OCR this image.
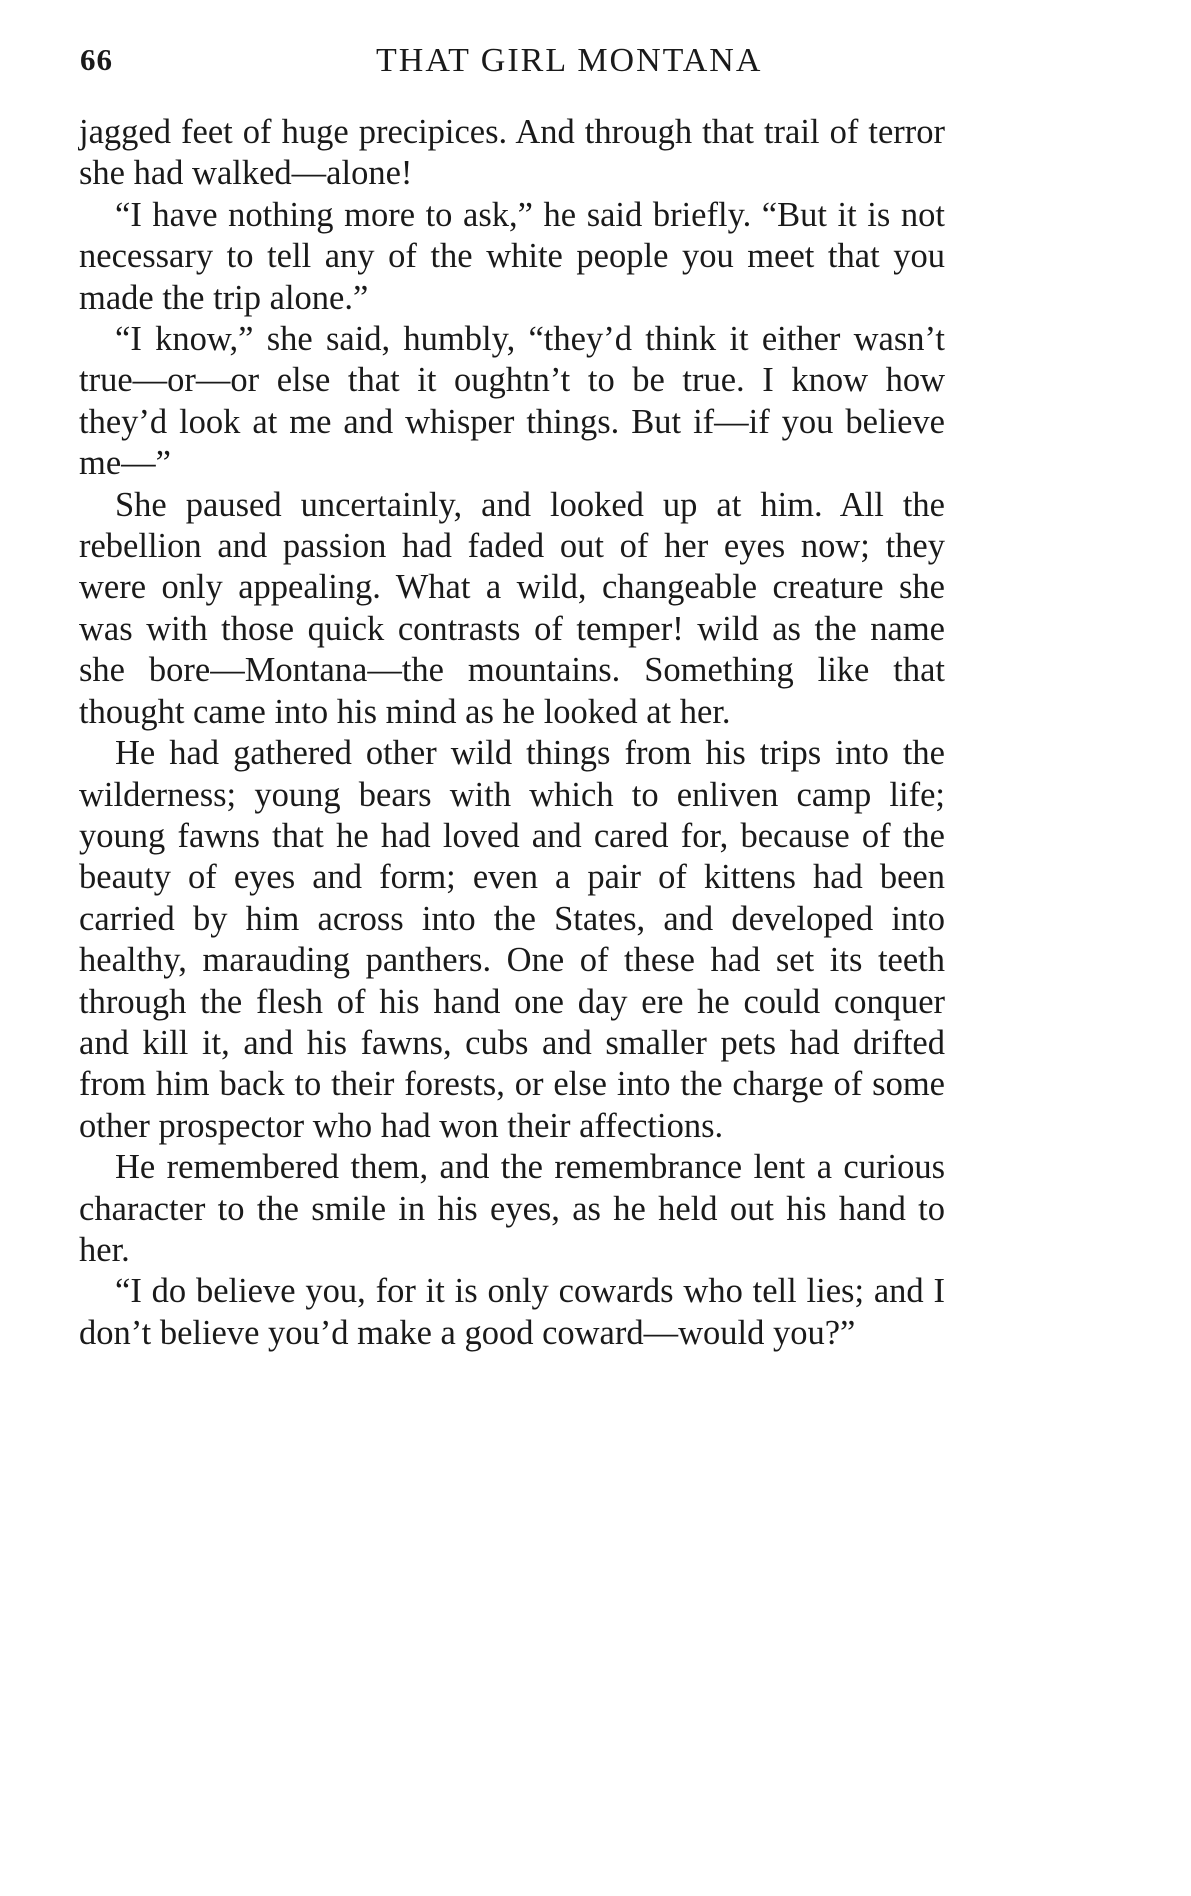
66	THAT GIRL MONTANA

jagged feet of huge precipices. And through that trail of terror she had walked—alone!

“I have nothing more to ask,” he said briefly. “But it is not necessary to tell any of the white people you meet that you made the trip alone.”

“I know,” she said, humbly, “they’d think it either wasn’t true—or—or else that it oughtn’t to be true. I know how they’d look at me and whisper things. But if—if you believe me—”

She paused uncertainly, and looked up at him. All the rebellion and passion had faded out of her eyes now; they were only appealing. What a wild, changeable creature she was with those quick contrasts of temper! wild as the name she bore—Montana—the mountains. Something like that thought came into his mind as he looked at her.

He had gathered other wild things from his trips into the wilderness; young bears with which to enliven camp life; young fawns that he had loved and cared for, because of the beauty of eyes and form; even a pair of kittens had been carried by him across into the States, and developed into healthy, marauding panthers. One of these had set its teeth through the flesh of his hand one day ere he could conquer and kill it, and his fawns, cubs and smaller pets had drifted from him back to their forests, or else into the charge of some other prospector who had won their affections.

He remembered them, and the remembrance lent a curious character to the smile in his eyes, as he held out his hand to her.

“I do believe you, for it is only cowards who tell lies; and I don’t believe you’d make a good coward—would you?”
